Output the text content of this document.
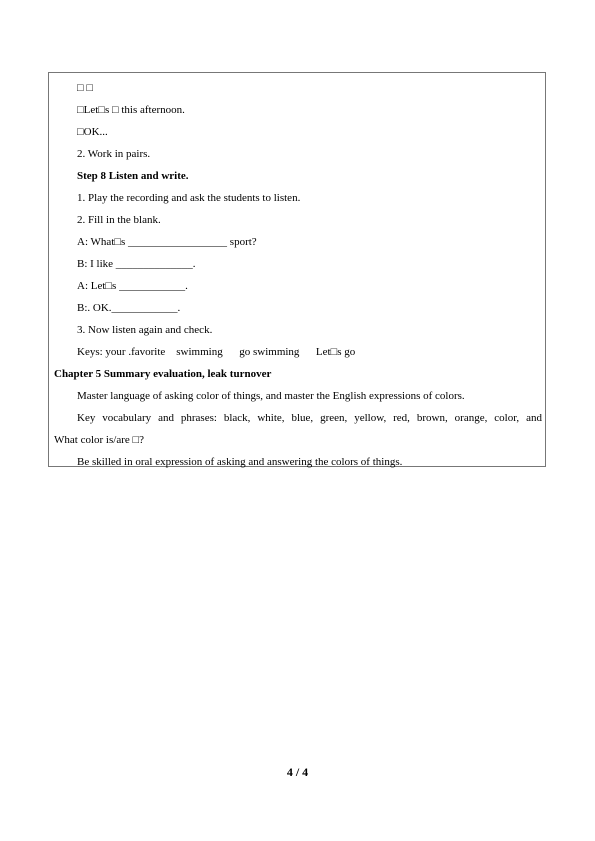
□ □
□Let□s □ this afternoon.
□OK...
2. Work in pairs.
Step 8 Listen and write.
1. Play the recording and ask the students to listen.
2. Fill in the blank.
A: What□s __________________ sport?
B: I like ______________.
A: Let□s ____________.
B:. OK.____________.
3. Now listen again and check.
Keys: your .favorite    swimming      go swimming      Let□s go
Chapter 5 Summary evaluation, leak turnover
Master language of asking color of things, and master the English expressions of colors.
Key vocabulary and phrases: black, white, blue, green, yellow, red, brown, orange, color, and
What color is/are □?
Be skilled in oral expression of asking and answering the colors of things.
4 / 4
